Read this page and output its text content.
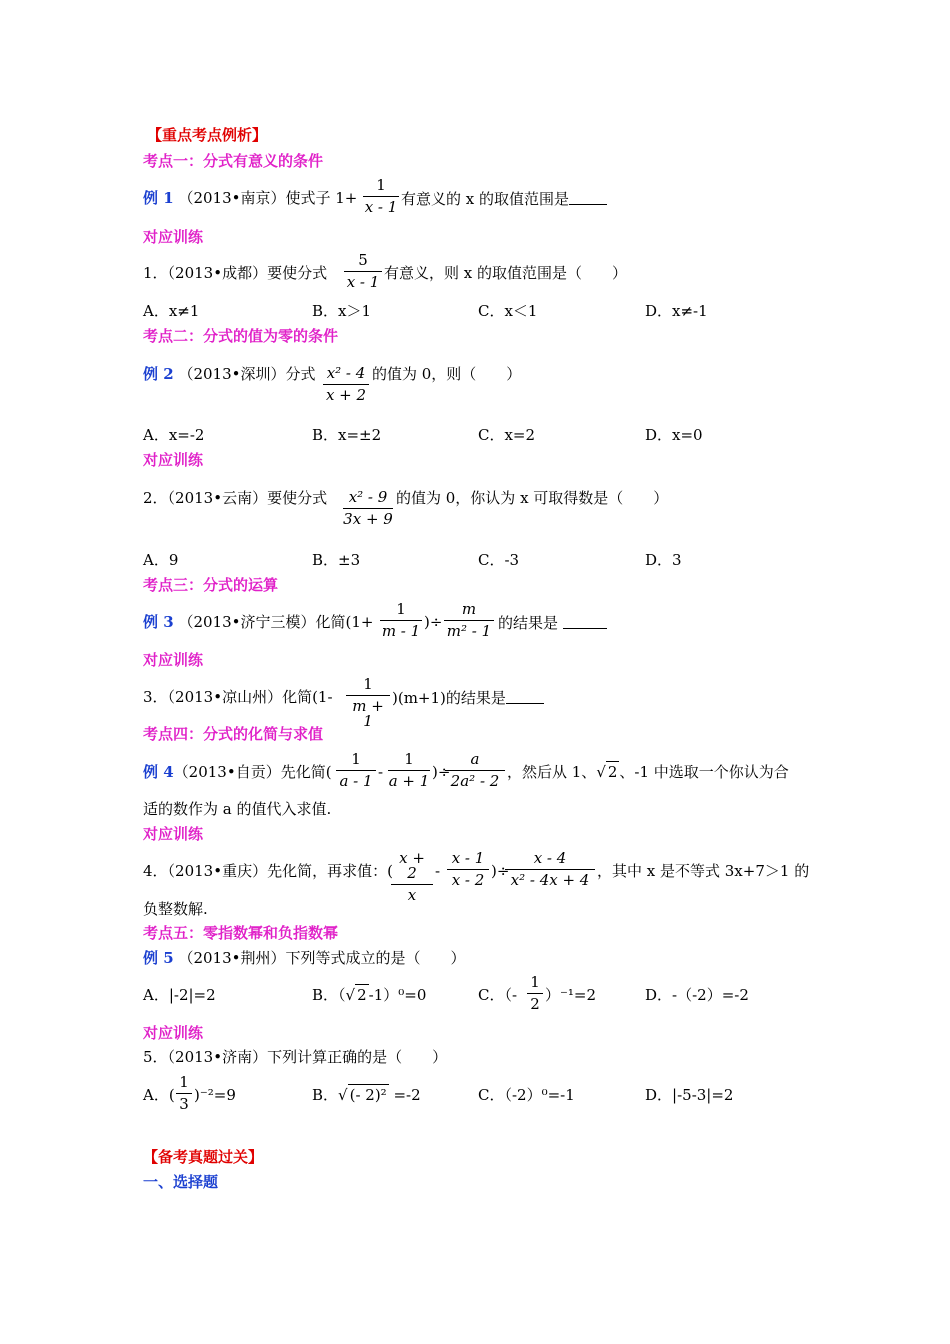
【重点考点例析】
考点一：分式有意义的条件
例 1 （2013•南京）使式子 $1+ \frac{1}{x - 1}$ 有意义的 x 的取值范围是
对应训练
1．（2013•成都）要使分式 $\frac{5}{x - 1}$ 有意义，则 x 的取值范围是（　　）
A．x≠1	B．x＞1	C．x＜1	D．x≠-1
考点二：分式的值为零的条件
例 2 （2013•深圳）分式 $\frac{\text{x² - 4}}{x + 2}$ 的值为 0，则（　　）
A．x=-2	B．x=±2	C．x=2	D．x=0
对应训练
2．（2013•云南）要使分式 $\frac{\text{x² - 9}}{3x + 9}$ 的值为 0，你认为 x 可取得数是（　　）
A．9	B．±3	C．-3	D．3
考点三：分式的运算
例 3 （2013•济宁三模）化简($1+ \frac{1}{m - 1}$ )÷ $\frac{m}{\text{m² - 1}}$ 的结果是
对应训练
3．（2013•凉山州）化简$(1- \frac{1}{m + 1} )(m+1)$的结果是
考点四：分式的化简与求值
例 4（2013•自贡）先化简( $\frac{1}{a - 1} - \frac{1}{a + 1}$ )÷
$\frac{a}{\text{2a² - 2}}$ ，然后从 1、√ 2 、-1 中选取一个你认为合
适的数作为 a 的值代入求值.
对应训练
4．（2013•重庆）先化简，再求值：(
$\frac{x + 2}{x} - \frac{x - 1}{x - 2}$ )÷
$\frac{x - 4}{\text{x² - 4x + 4}}$ ，其中 x 是不等式 3x+7＞1 的
负整数解.
考点五：零指数幂和负指数幂
例 5 （2013•荆州）下列等式成立的是（　　）
A．|-2|=2	B．（√ 2 -1）⁰=0	C．（- $\frac{1}{2} )^{-1}=2$	D．-（-2）=-2
对应训练
5．（2013•济南）下列计算正确的是（　　）
A．( $\frac{1}{3} )^{-2}=9$	B．√ (- 2)² =-2	C．（-2）⁰=-1	D．|-5-3|=2
【备考真题过关】
一、选择题
